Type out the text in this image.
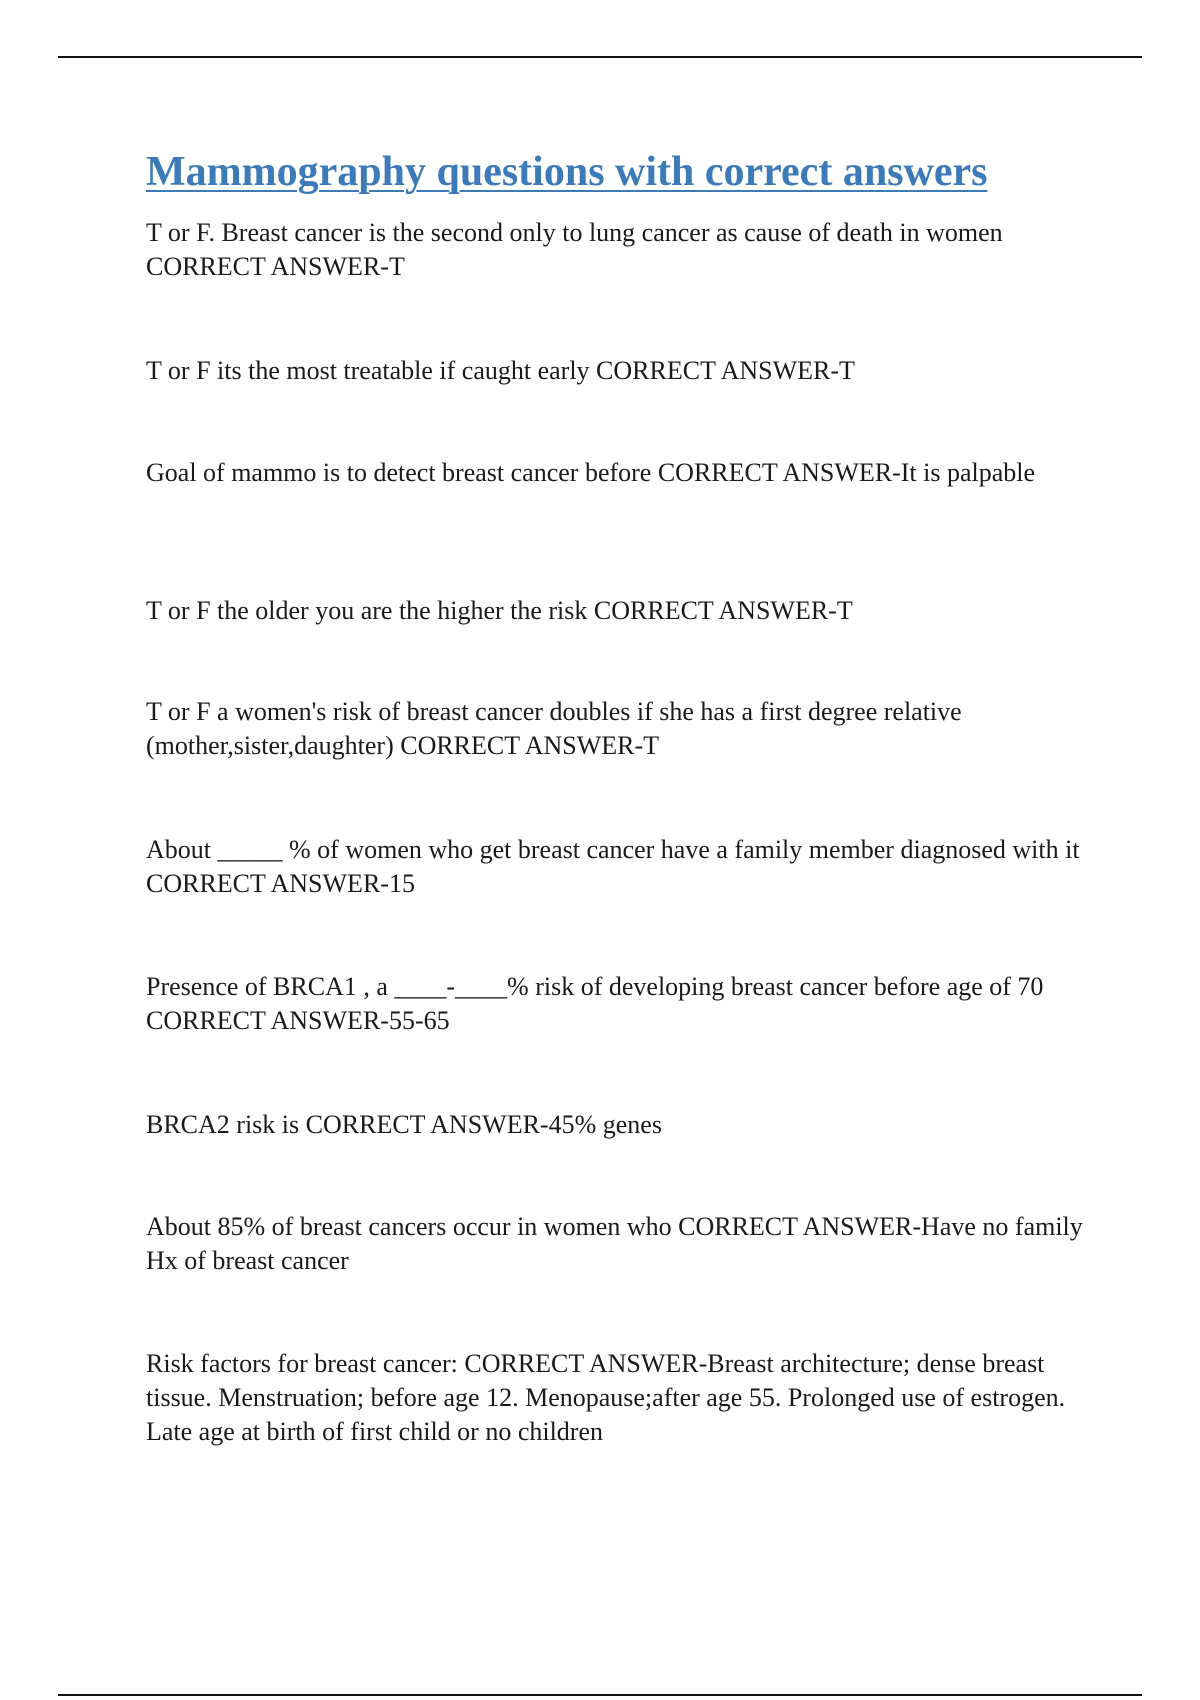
Mammography questions with correct answers

T or F. Breast cancer is the second only to lung cancer as cause of death in women CORRECT ANSWER-T

T or F its the most treatable if caught early CORRECT ANSWER-T

Goal of mammo is to detect breast cancer before CORRECT ANSWER-It is palpable

T or F the older you are the higher the risk CORRECT ANSWER-T

T or F a women's risk of breast cancer doubles if she has a first degree relative (mother,sister,daughter) CORRECT ANSWER-T

About _____ % of women who get breast cancer have a family member diagnosed with it CORRECT ANSWER-15

Presence of BRCA1 , a ____-____% risk of developing breast cancer before age of 70 CORRECT ANSWER-55-65

BRCA2 risk is CORRECT ANSWER-45% genes

About 85% of breast cancers occur in women who CORRECT ANSWER-Have no family Hx of breast cancer

Risk factors for breast cancer: CORRECT ANSWER-Breast architecture; dense breast tissue. Menstruation; before age 12. Menopause;after age 55. Prolonged use of estrogen. Late age at birth of first child or no children
